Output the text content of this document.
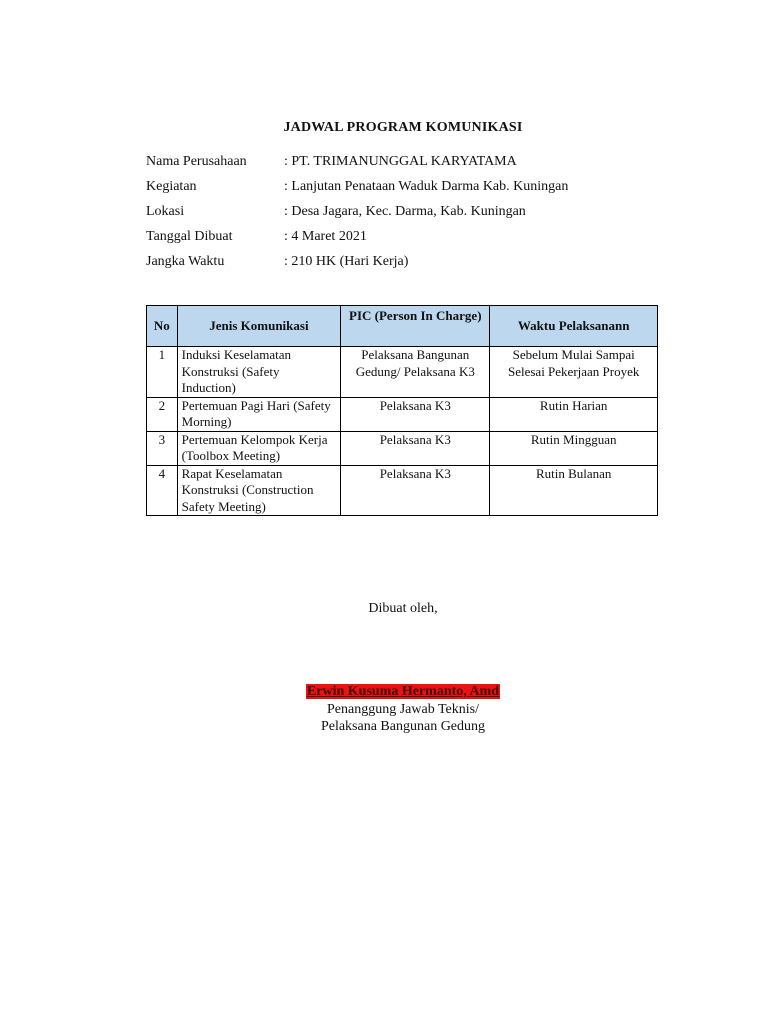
JADWAL PROGRAM KOMUNIKASI
Nama Perusahaan	: PT. TRIMANUNGGAL KARYATAMA
Kegiatan	: Lanjutan Penataan Waduk Darma Kab. Kuningan
Lokasi	: Desa Jagara, Kec. Darma, Kab. Kuningan
Tanggal Dibuat	: 4 Maret 2021
Jangka Waktu	: 210 HK (Hari Kerja)
No	Jenis Komunikasi	PIC (Person In Charge)	Waktu Pelaksanann
1	Induksi Keselamatan Konstruksi (Safety Induction)	Pelaksana Bangunan Gedung/ Pelaksana K3	Sebelum Mulai Sampai Selesai Pekerjaan Proyek
2	Pertemuan Pagi Hari (Safety Morning)	Pelaksana K3	Rutin Harian
3	Pertemuan Kelompok Kerja (Toolbox Meeting)	Pelaksana K3	Rutin Mingguan
4	Rapat Keselamatan Konstruksi (Construction Safety Meeting)	Pelaksana K3	Rutin Bulanan
Dibuat oleh,
Erwin Kusuma Hermanto, Amd
Penanggung Jawab Teknis/
Pelaksana Bangunan Gedung
